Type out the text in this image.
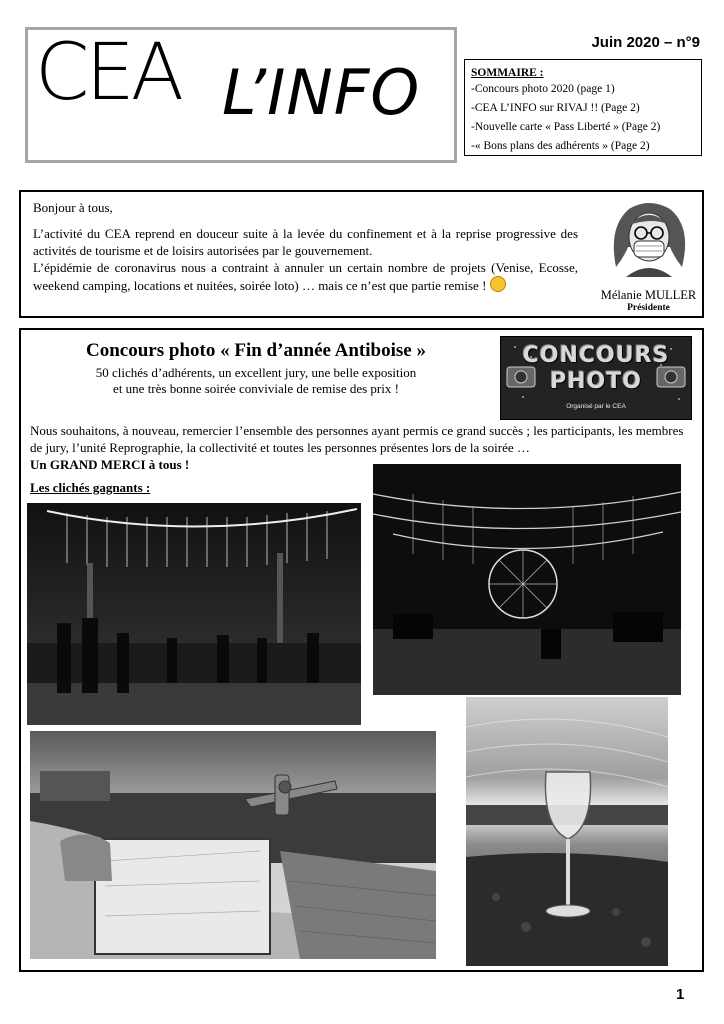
CEA L’INFO
Juin 2020 – n°9
SOMMAIRE :
-Concours photo 2020 (page 1)
-CEA L’INFO sur RIVAJ !! (Page 2)
-Nouvelle carte « Pass Liberté » (Page 2)
-« Bons plans des adhérents » (Page 2)
Bonjour à tous,
L’activité du CEA reprend en douceur suite à la levée du confinement et à la reprise progressive des activités de tourisme et de loisirs autorisées par le gouvernement.
L’épidémie de coronavirus nous a contraint à annuler un certain nombre de projets (Venise, Ecosse, weekend camping, locations et nuitées, soirée loto) … mais ce n’est que partie remise !
Mélanie MULLER
Présidente
Concours photo « Fin d’année Antiboise »
50 clichés d’adhérents, un excellent jury, une belle exposition
et une très bonne soirée conviviale de remise des prix !
CONCOURS
PHOTO
Organisé par le CEA
Nous souhaitons, à nouveau, remercier l’ensemble des personnes ayant permis ce grand succès ; les participants, les membres de jury, l’unité Reprographie, la collectivité et toutes les personnes présentes lors de la soirée …
Un GRAND MERCI à tous !
Les clichés gagnants :
1
